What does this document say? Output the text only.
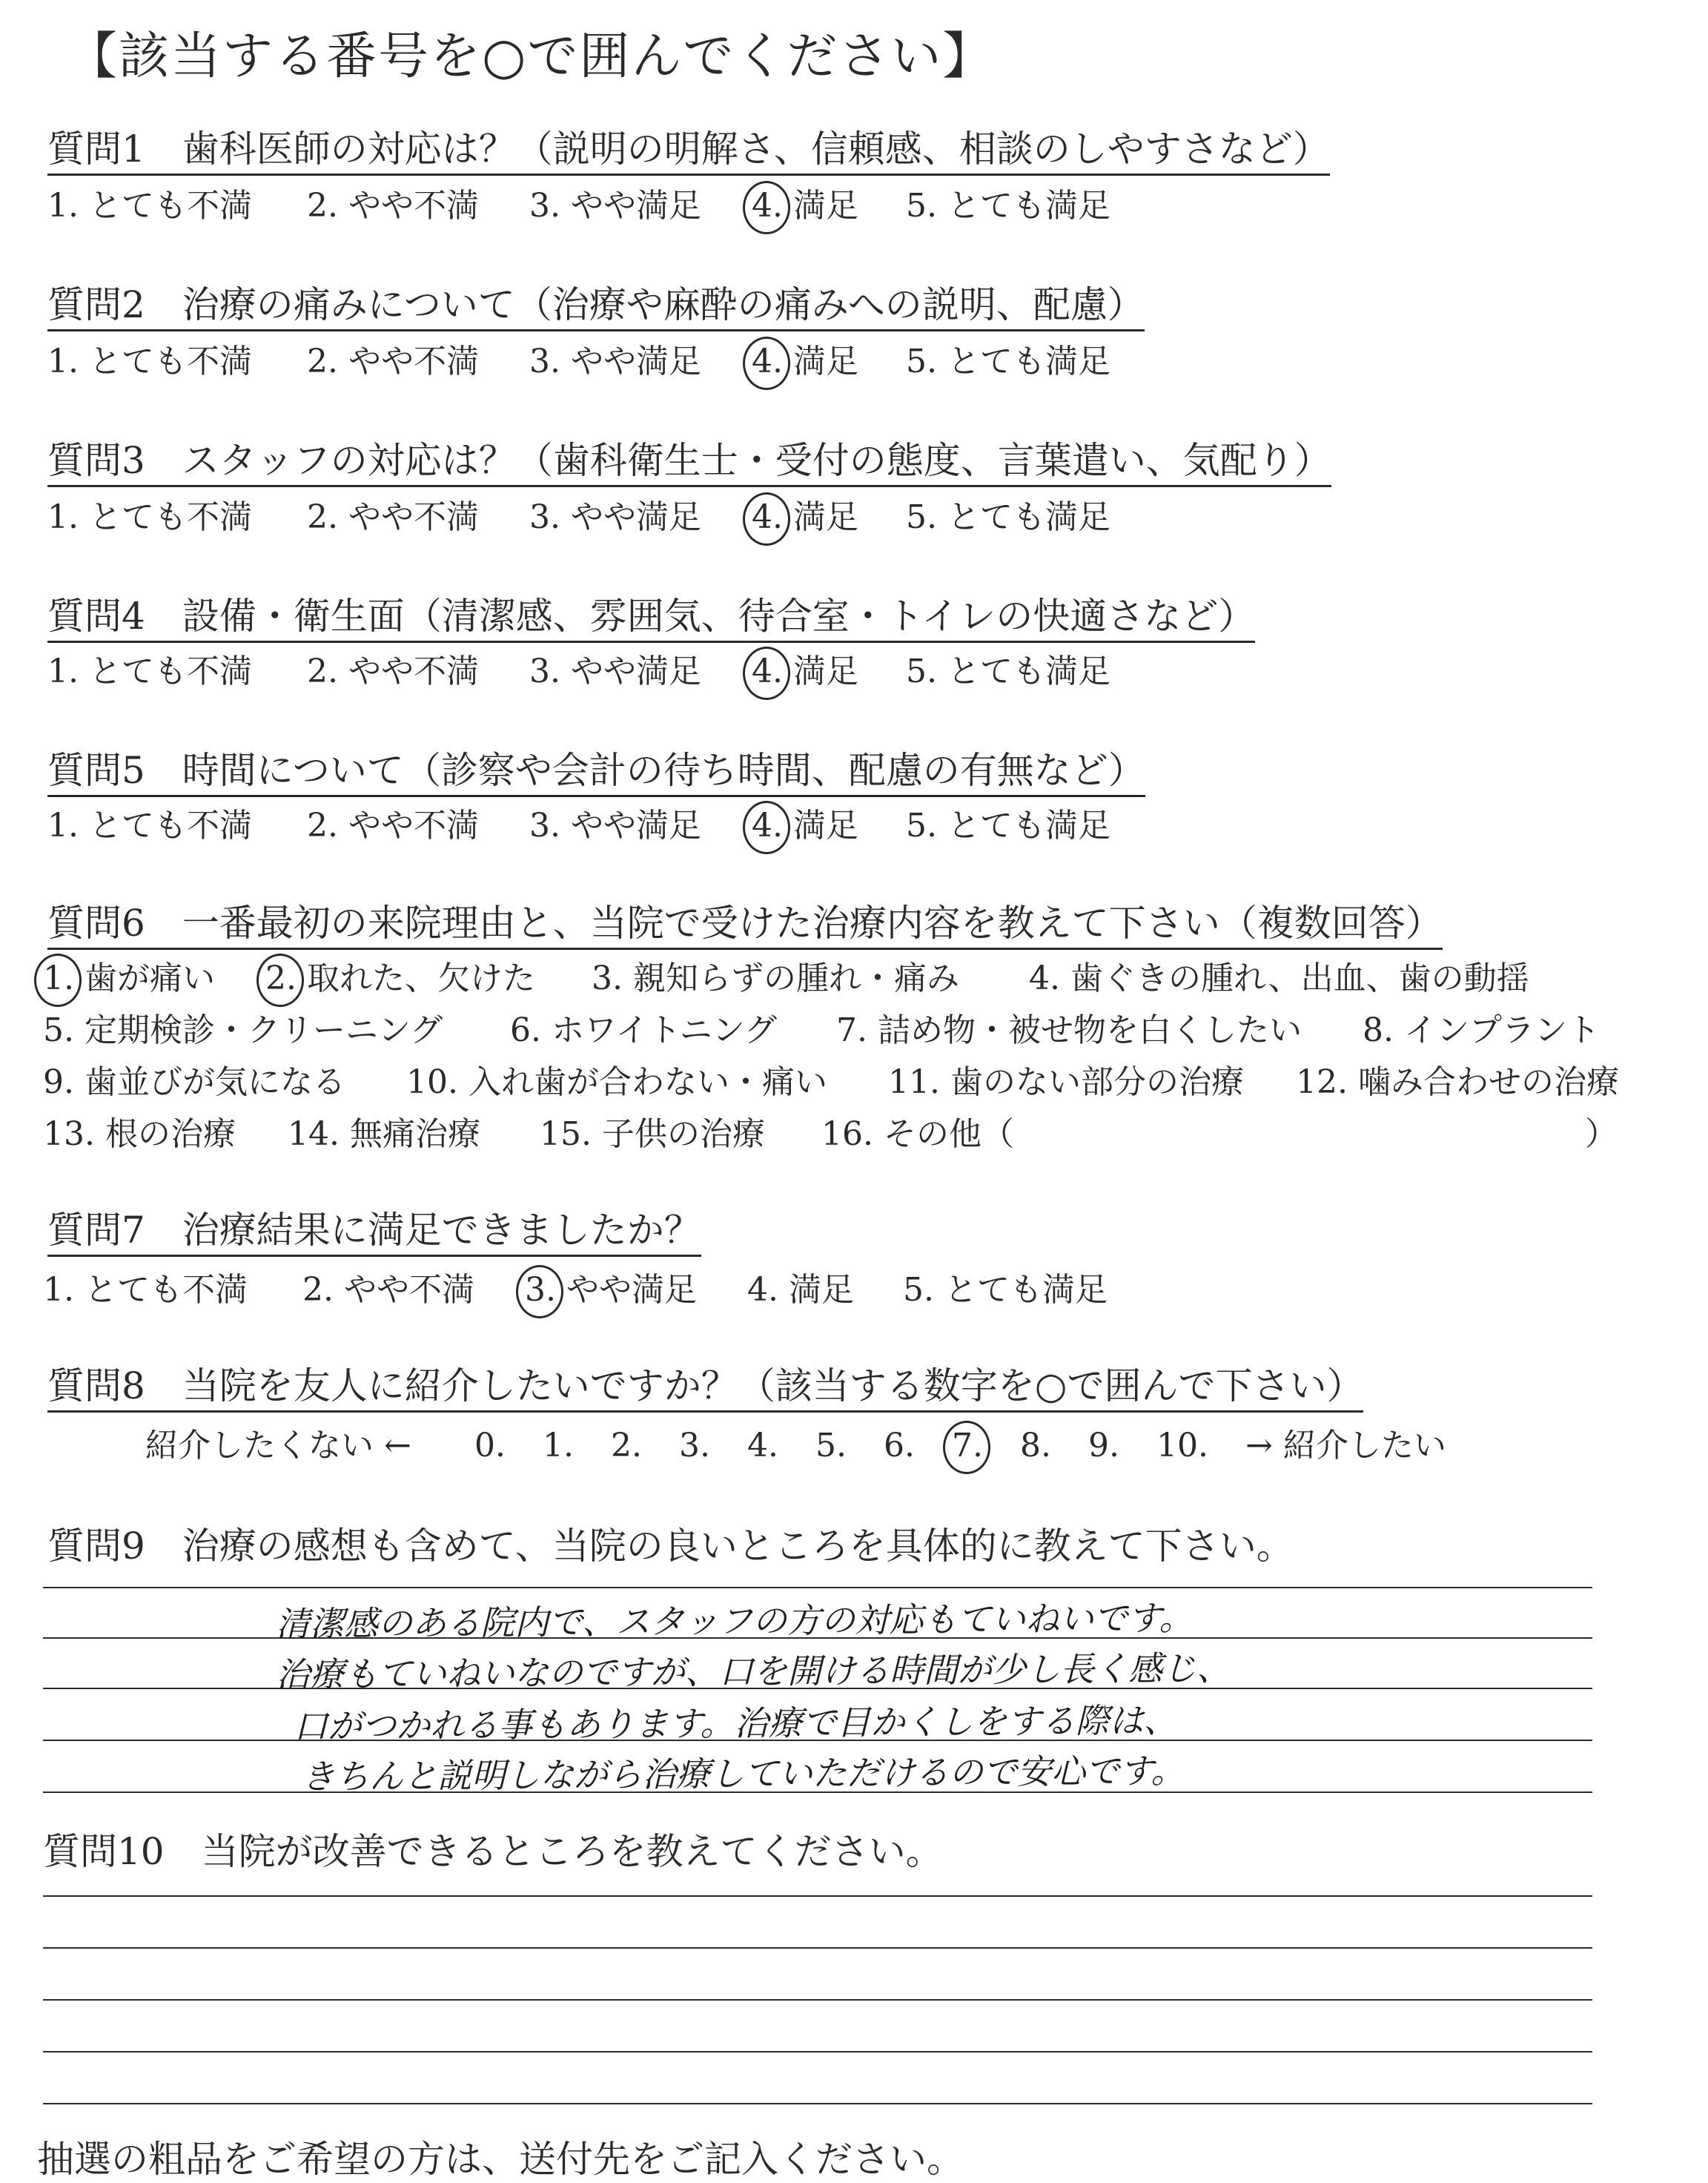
【該当する番号を○で囲んでください】
質問1　歯科医師の対応は？（説明の明解さ、信頼感、相談のしやすさなど）
1. とても不満 2. やや不満 3. やや満足 4. 満足 5. とても満足
質問2　治療の痛みについて（治療や麻酔の痛みへの説明、配慮）
1. とても不満 2. やや不満 3. やや満足 4. 満足 5. とても満足
質問3　スタッフの対応は？（歯科衛生士・受付の態度、言葉遣い、気配り）
1. とても不満 2. やや不満 3. やや満足 4. 満足 5. とても満足
質問4　設備・衛生面（清潔感、雰囲気、待合室・トイレの快適さなど）
1. とても不満 2. やや不満 3. やや満足 4. 満足 5. とても満足
質問5　時間について（診察や会計の待ち時間、配慮の有無など）
1. とても不満 2. やや不満 3. やや満足 4. 満足 5. とても満足
質問6　一番最初の来院理由と、当院で受けた治療内容を教えて下さい（複数回答）
1. 歯が痛い 2. 取れた、欠けた 3. 親知らずの腫れ・痛み 4. 歯ぐきの腫れ、出血、歯の動揺
5. 定期検診・クリーニング 6. ホワイトニング 7. 詰め物・被せ物を白くしたい 8. インプラント
9. 歯並びが気になる 10. 入れ歯が合わない・痛い 11. 歯のない部分の治療 12. 噛み合わせの治療
13. 根の治療 14. 無痛治療 15. 子供の治療 16. その他（	）
質問7　治療結果に満足できましたか？
1. とても不満 2. やや不満 3. やや満足 4. 満足 5. とても満足
質問8　当院を友人に紹介したいですか？（該当する数字を○で囲んで下さい）
紹介したくない ← 0. 1. 2. 3. 4. 5. 6. 7. 8. 9. 10. → 紹介したい
質問9　治療の感想も含めて、当院の良いところを具体的に教えて下さい。
清潔感のある院内で、スタッフの方の対応もていねいです。
治療もていねいなのですが、口を開ける時間が少し長く感じ、
口がつかれる事もあります。治療で目かくしをする際は、
きちんと説明しながら治療していただけるので安心です。
質問10　当院が改善できるところを教えてください。
抽選の粗品をご希望の方は、送付先をご記入ください。
